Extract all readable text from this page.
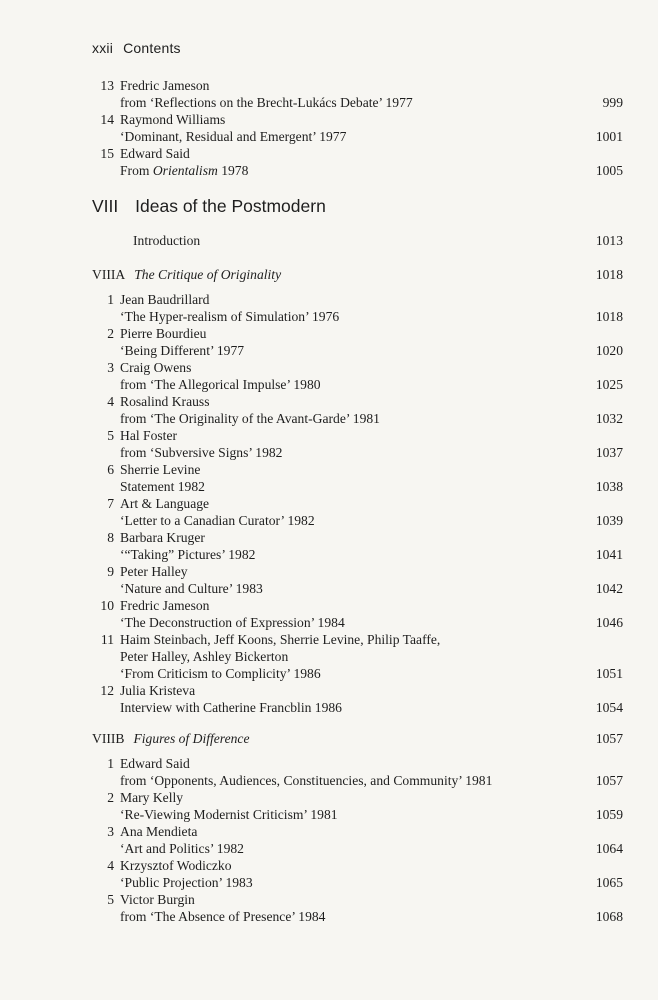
xxii Contents
13 Fredric Jameson
from ‘Reflections on the Brecht-Lukács Debate’ 1977	999
14 Raymond Williams
‘Dominant, Residual and Emergent’ 1977	1001
15 Edward Said
From Orientalism 1978	1005
VIII Ideas of the Postmodern
Introduction	1013
VIIIA The Critique of Originality	1018
1 Jean Baudrillard
‘The Hyper-realism of Simulation’ 1976	1018
2 Pierre Bourdieu
‘Being Different’ 1977	1020
3 Craig Owens
from ‘The Allegorical Impulse’ 1980	1025
4 Rosalind Krauss
from ‘The Originality of the Avant-Garde’ 1981	1032
5 Hal Foster
from ‘Subversive Signs’ 1982	1037
6 Sherrie Levine
Statement 1982	1038
7 Art & Language
‘Letter to a Canadian Curator’ 1982	1039
8 Barbara Kruger
‘“Taking” Pictures’ 1982	1041
9 Peter Halley
‘Nature and Culture’ 1983	1042
10 Fredric Jameson
‘The Deconstruction of Expression’ 1984	1046
11 Haim Steinbach, Jeff Koons, Sherrie Levine, Philip Taaffe,
Peter Halley, Ashley Bickerton
‘From Criticism to Complicity’ 1986	1051
12 Julia Kristeva
Interview with Catherine Francblin 1986	1054
VIIIB Figures of Difference	1057
1 Edward Said
from ‘Opponents, Audiences, Constituencies, and Community’ 1981	1057
2 Mary Kelly
‘Re-Viewing Modernist Criticism’ 1981	1059
3 Ana Mendieta
‘Art and Politics’ 1982	1064
4 Krzysztof Wodiczko
‘Public Projection’ 1983	1065
5 Victor Burgin
from ‘The Absence of Presence’ 1984	1068
